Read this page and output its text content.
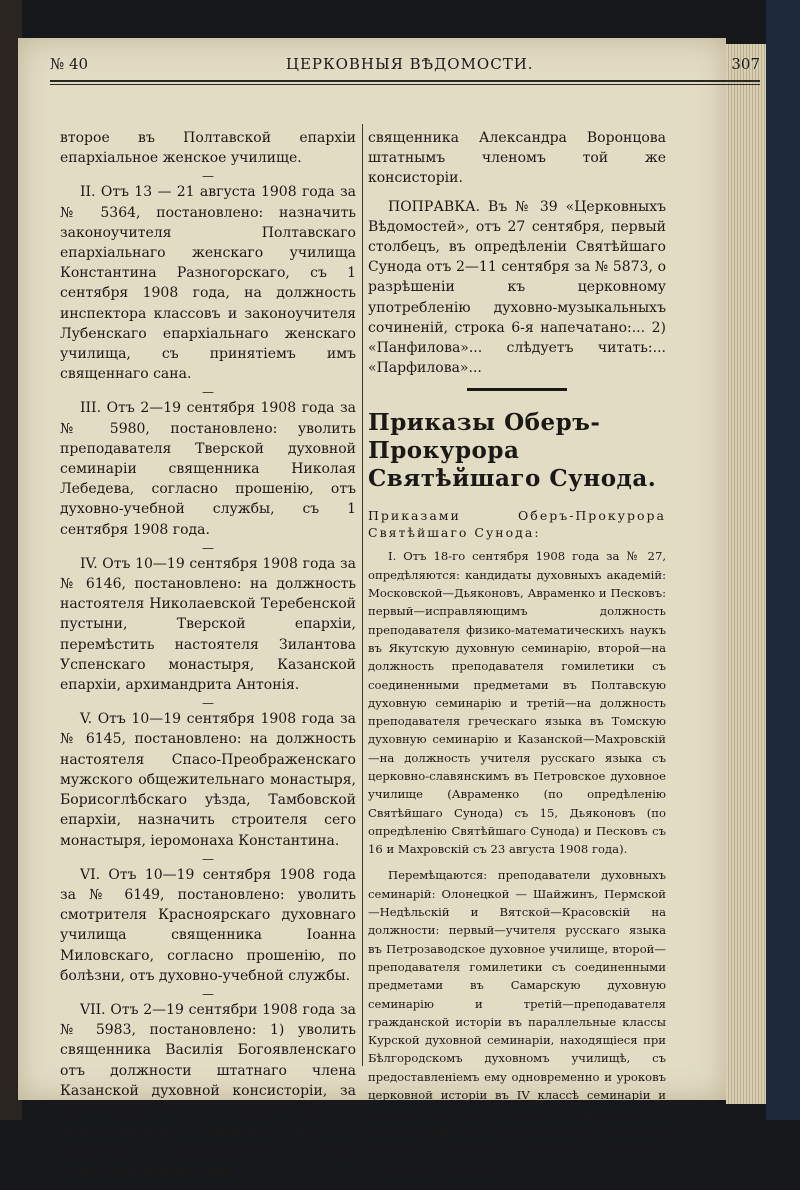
№ 40	ЦЕРКОВНЫЯ ВѢДОМОСТИ.	307

второе въ Полтавской епархіи епархіальное женское училище.

—

II. Отъ 13 — 21 августа 1908 года за № 5364, постановлено: назначить законоучителя Полтавскаго епархіальнаго женскаго училища Константина Разногорскаго, съ 1 сентября 1908 года, на должность инспектора классовъ и законоучителя Лубенскаго епархіальнаго женскаго училища, съ принятіемъ имъ священнаго сана.

—

III. Отъ 2—19 сентября 1908 года за № 5980, постановлено: уволить преподавателя Тверской духовной семинаріи священника Николая Лебедева, согласно прошенію, отъ духовно-учебной службы, съ 1 сентября 1908 года.

—

IV. Отъ 10—19 сентября 1908 года за № 6146, постановлено: на должность настоятеля Николаевской Теребенской пустыни, Тверской епархіи, перемѣстить настоятеля Зилантова Успенскаго монастыря, Казанской епархіи, архимандрита Антонія.

—

V. Отъ 10—19 сентября 1908 года за № 6145, постановлено: на должность настоятеля Спасо-Преображенскаго мужского общежительнаго монастыря, Борисоглѣбскаго уѣзда, Тамбовской епархіи, назначить строителя сего монастыря, іеромонаха Константина.

—

VI. Отъ 10—19 сентября 1908 года за № 6149, постановлено: уволить смотрителя Красноярскаго духовнаго училища священника Іоанна Миловскаго, согласно прошенію, по болѣзни, отъ духовно-учебной службы.

—

VII. Отъ 2—19 сентябри 1908 года за № 5983, постановлено: 1) уволить священника Василія Богоявленскаго отъ должности штатнаго члена Казанской духовной консисторіи, за переходомъ его на службу въ С.-Петербургскую епархію, и 2) назначить сверхштатнаго члена названной консисторіи

священника Александра Воронцова штатнымъ членомъ той же консисторіи.

ПОПРАВКА. Въ № 39 «Церковныхъ Вѣдомостей», отъ 27 сентября, первый столбецъ, въ опредѣленіи Святѣйшаго Сунода отъ 2—11 сентября за № 5873, о разрѣшеніи къ церковному употребленію духовно-музыкальныхъ сочиненій, строка 6-я напечатано:... 2) «Панфилова»... слѣдуетъ читать:... «Парфилова»...

Приказы Оберъ-Прокурора Святѣйшаго Сунода.
Приказами Оберъ-Прокурора Святѣйшаго Сунода:

I. Отъ 18-го сентября 1908 года за № 27, опредѣляются: кандидаты духовныхъ академій: Московской—Дьяконовъ, Авраменко и Песковъ: первый—исправляющимъ должность преподавателя физико-математическихъ наукъ въ Якутскую духовную семинарію, второй—на должность преподавателя гомилетики съ соединенными предметами въ Полтавскую духовную семинарію и третій—на должность преподавателя греческаго языка въ Томскую духовную семинарію и Казанской—Махровскій—на должность учителя русскаго языка съ церковно-славянскимъ въ Петровское духовное училище (Авраменко (по опредѣленію Святѣйшаго Сунода) съ 15, Дьяконовъ (по опредѣленію Святѣйшаго Сунода) и Песковъ съ 16 и Махровскій съ 23 августа 1908 года).

Перемѣщаются: преподаватели духовныхъ семинарій: Олонецкой — Шайжинъ, Пермской—Недѣльскій и Вятской—Красовскій на должности: первый—учителя русскаго языка въ Петрозаводское духовное училище, второй—преподавателя гомилетики съ соединенными предметами въ Самарскую духовную семинарію и третій—преподавателя гражданской исторіи въ параллельные классы Курской духовной семинаріи, находящіеся при Бѣлгородскомъ духовномъ училищѣ, съ предоставленіемъ ему одновременно и уроковъ церковной исторіи въ IV классѣ семинаріи и краткой русской исторіи, церковной и гражданской въ Бѣлгородскомъ духовномъ училищѣ; учители духовныхъ училищъ: Угличскаго—Чижовъ,
